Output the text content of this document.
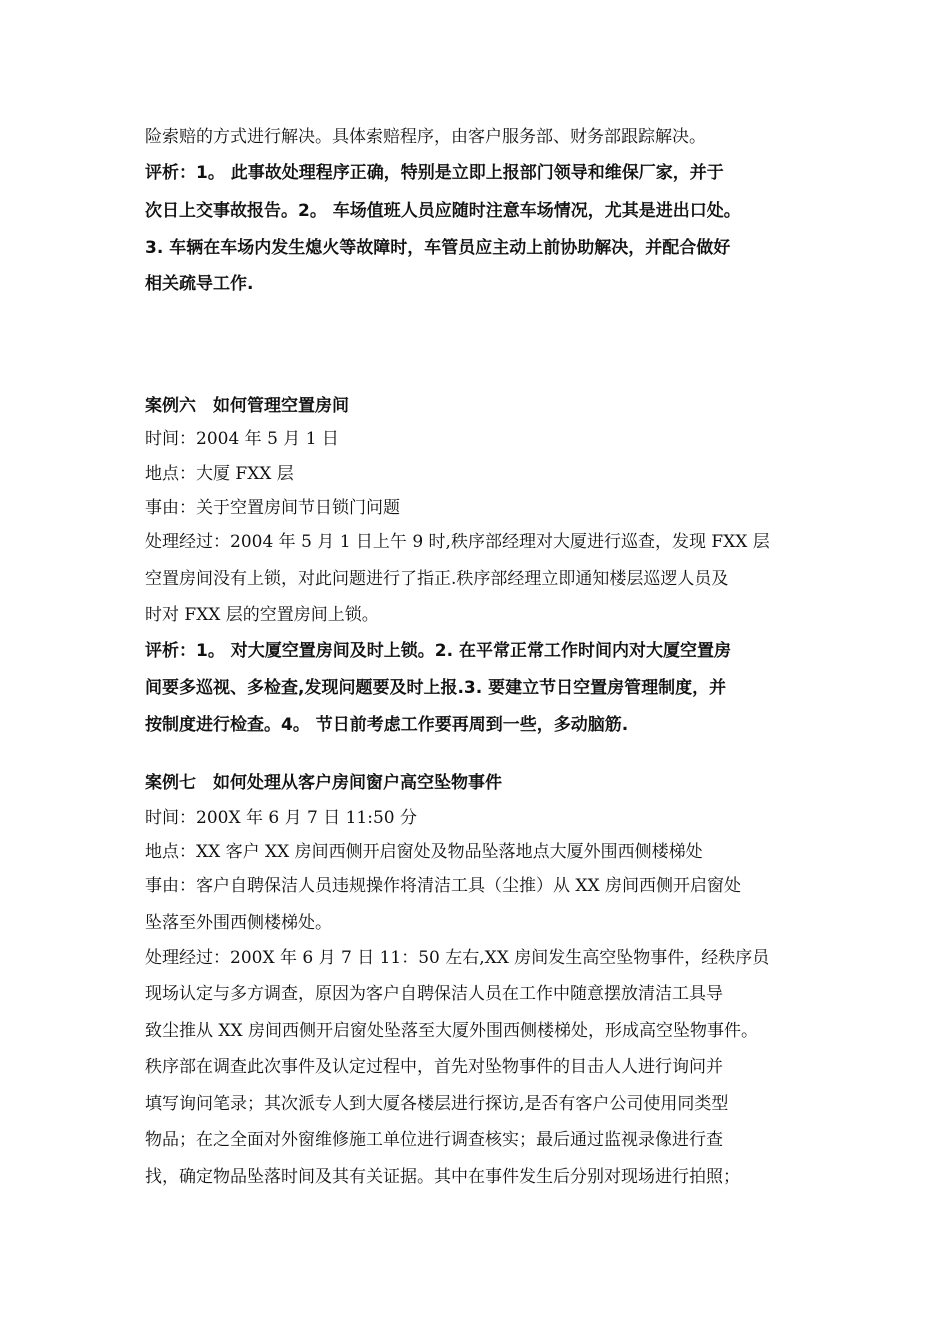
险索赔的方式进行解决。具体索赔程序，由客户服务部、财务部跟踪解决。
评析：1。 此事故处理程序正确，特别是立即上报部门领导和维保厂家，并于
次日上交事故报告。2。 车场值班人员应随时注意车场情况，尤其是进出口处。
3. 车辆在车场内发生熄火等故障时，车管员应主动上前协助解决，并配合做好
相关疏导工作.
案例六　如何管理空置房间
时间：2004 年 5 月 1 日
地点：大厦 FXX 层
事由：关于空置房间节日锁门问题
处理经过：2004 年 5 月 1 日上午 9 时,秩序部经理对大厦进行巡查，发现 FXX 层
空置房间没有上锁，对此问题进行了指正.秩序部经理立即通知楼层巡逻人员及
时对 FXX 层的空置房间上锁。
评析：1。 对大厦空置房间及时上锁。2. 在平常正常工作时间内对大厦空置房
间要多巡视、多检查,发现问题要及时上报.3. 要建立节日空置房管理制度，并
按制度进行检查。4。 节日前考虑工作要再周到一些，多动脑筋.
案例七　如何处理从客户房间窗户高空坠物事件
时间：200X 年 6 月 7 日 11:50 分
地点：XX 客户 XX 房间西侧开启窗处及物品坠落地点大厦外围西侧楼梯处
事由：客户自聘保洁人员违规操作将清洁工具（尘推）从 XX 房间西侧开启窗处
坠落至外围西侧楼梯处。
处理经过：200X 年 6 月 7 日 11：50 左右,XX 房间发生高空坠物事件，经秩序员
现场认定与多方调查，原因为客户自聘保洁人员在工作中随意摆放清洁工具导
致尘推从 XX 房间西侧开启窗处坠落至大厦外围西侧楼梯处，形成高空坠物事件。
秩序部在调查此次事件及认定过程中，首先对坠物事件的目击人人进行询问并
填写询问笔录；其次派专人到大厦各楼层进行探访,是否有客户公司使用同类型
物品；在之全面对外窗维修施工单位进行调查核实；最后通过监视录像进行查
找，确定物品坠落时间及其有关证据。其中在事件发生后分别对现场进行拍照；
